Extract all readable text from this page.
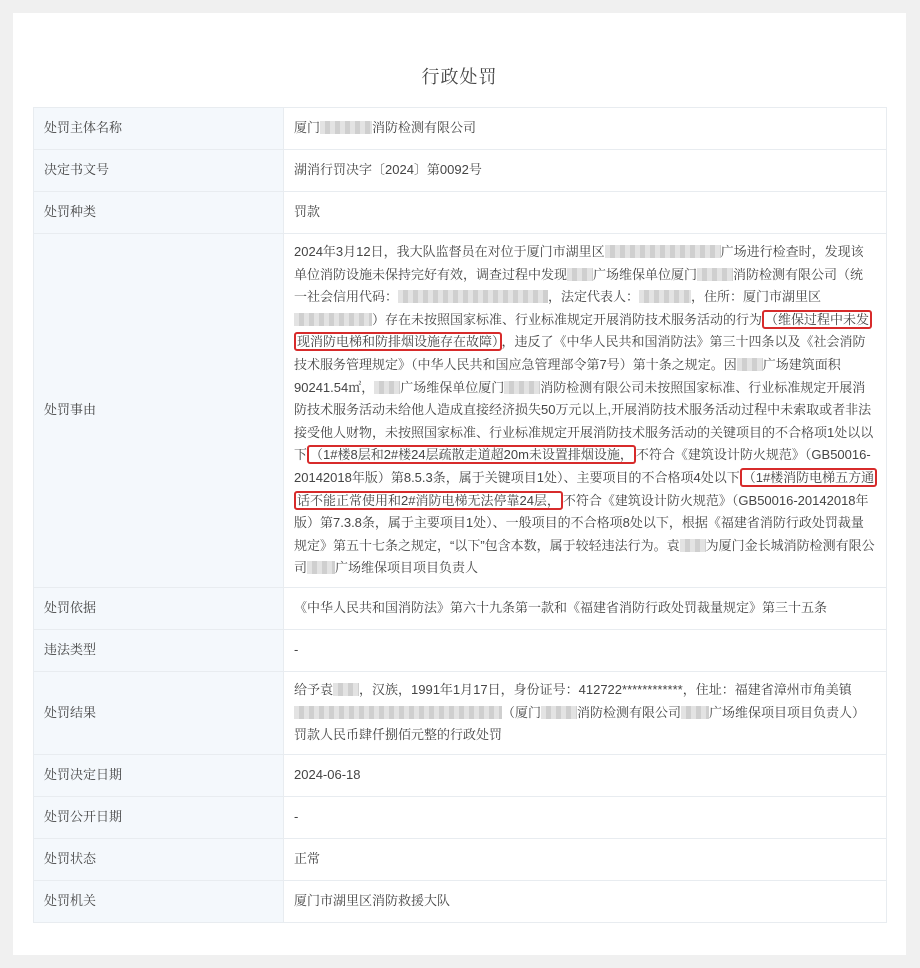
行政处罚
处罚主体名称	厦门 消防检测有限公司
决定书文号	湖消行罚决字〔2024〕第0092号
处罚种类	罚款
处罚事由	2024年3月12日，我大队监督员在对位于厦门市湖里区 广场进行检查时，发现该单位消防设施未保持完好有效，调查过程中发现 广场维保单位厦门 消防检测有限公司（统一社会信用代码： ，法定代表人： ，住所：厦门市湖里区）存在未按照国家标准、行业标准规定开展消防技术服务活动的行为 （维保过程中未发现消防电梯和防排烟设施存在故障） ，违反了《中华人民共和国消防法》第三十四条以及《社会消防技术服务管理规定》（中华人民共和国应急管理部令第7号）第十条之规定。因 广场建筑面积90241.54㎡， 广场维保单位厦门 消防检测有限公司未按照国家标准、行业标准规定开展消防技术服务活动未给他人造成直接经济损失50万元以上,开展消防技术服务活动过程中未索取或者非法接受他人财物，未按照国家标准、行业标准规定开展消防技术服务活动的关键项目的不合格项1处以以下 （1#楼8层和2#楼24层疏散走道超20m未设置排烟设施， 不符合《建筑设计防火规范》（GB50016-20142018年版）第8.5.3条，属于关键项目1处）、主要项目的不合格项4处以下 （1#楼消防电梯五方通话不能正常使用和2#消防电梯无法停靠24层， 不符合《建筑设计防火规范》（GB50016-20142018年版）第7.3.8条，属于主要项目1处）、一般项目的不合格项8处以下，根据《福建省消防行政处罚裁量规定》第五十七条之规定，“以下”包含本数，属于较轻违法行为。袁 为厦门金长城消防检测有限公司 广场维保项目项目负责人
处罚依据	《中华人民共和国消防法》第六十九条第一款和《福建省消防行政处罚裁量规定》第三十五条
违法类型	-
处罚结果	给予袁 ，汉族，1991年1月17日，身份证号：412722************，住址：福建省漳州市角美镇（厦门 消防检测有限公司 广场维保项目项目负责人）罚款人民币肆仟捌佰元整的行政处罚
处罚决定日期	2024-06-18
处罚公开日期	-
处罚状态	正常
处罚机关	厦门市湖里区消防救援大队
